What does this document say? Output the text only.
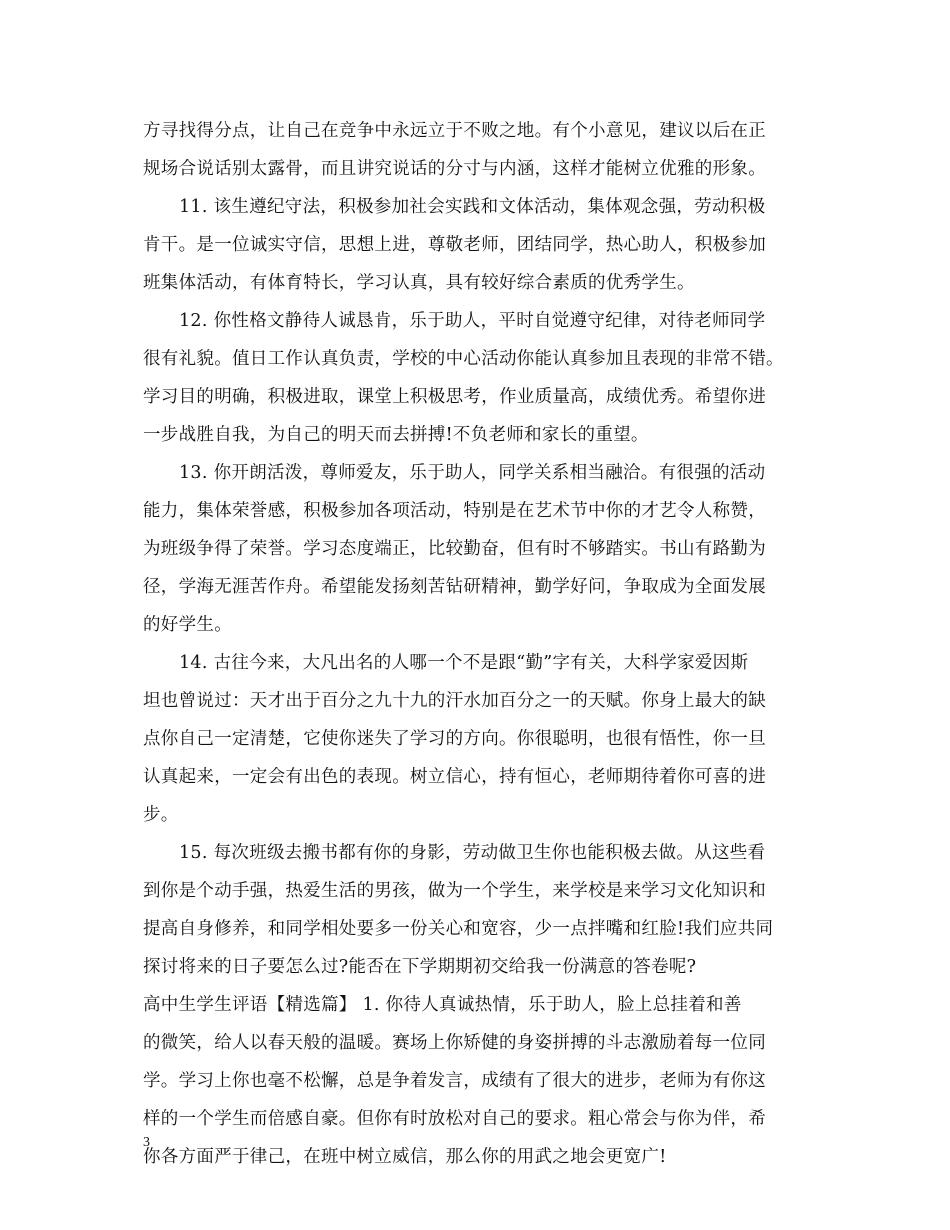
方寻找得分点，让自己在竞争中永远立于不败之地。有个小意见，建议以后在正
规场合说话别太露骨，而且讲究说话的分寸与内涵，这样才能树立优雅的形象。
11. 该生遵纪守法，积极参加社会实践和文体活动，集体观念强，劳动积极
肯干。是一位诚实守信，思想上进，尊敬老师，团结同学，热心助人，积极参加
班集体活动，有体育特长，学习认真，具有较好综合素质的优秀学生。
12. 你性格文静待人诚恳肯，乐于助人，平时自觉遵守纪律，对待老师同学
很有礼貌。值日工作认真负责，学校的中心活动你能认真参加且表现的非常不错。
学习目的明确，积极进取，课堂上积极思考，作业质量高，成绩优秀。希望你进
一步战胜自我，为自己的明天而去拼搏!不负老师和家长的重望。
13. 你开朗活泼，尊师爱友，乐于助人，同学关系相当融洽。有很强的活动
能力，集体荣誉感，积极参加各项活动，特别是在艺术节中你的才艺令人称赞，
为班级争得了荣誉。学习态度端正，比较勤奋，但有时不够踏实。书山有路勤为
径，学海无涯苦作舟。希望能发扬刻苦钻研精神，勤学好问，争取成为全面发展
的好学生。
14. 古往今来，大凡出名的人哪一个不是跟“勤”字有关，大科学家爱因斯
坦也曾说过：天才出于百分之九十九的汗水加百分之一的天赋。你身上最大的缺
点你自己一定清楚，它使你迷失了学习的方向。你很聪明，也很有悟性，你一旦
认真起来，一定会有出色的表现。树立信心，持有恒心，老师期待着你可喜的进
步。
15. 每次班级去搬书都有你的身影，劳动做卫生你也能积极去做。从这些看
到你是个动手强，热爱生活的男孩，做为一个学生，来学校是来学习文化知识和
提高自身修养，和同学相处要多一份关心和宽容，少一点拌嘴和红脸!我们应共同
探讨将来的日子要怎么过?能否在下学期期初交给我一份满意的答卷呢?
高中生学生评语【精选篇】 1. 你待人真诚热情，乐于助人，脸上总挂着和善
的微笑，给人以春天般的温暖。赛场上你矫健的身姿拼搏的斗志激励着每一位同
学。学习上你也毫不松懈，总是争着发言，成绩有了很大的进步，老师为有你这
样的一个学生而倍感自豪。但你有时放松对自己的要求。粗心常会与你为伴，希
你各方面严于律己，在班中树立威信，那么你的用武之地会更宽广!
3
